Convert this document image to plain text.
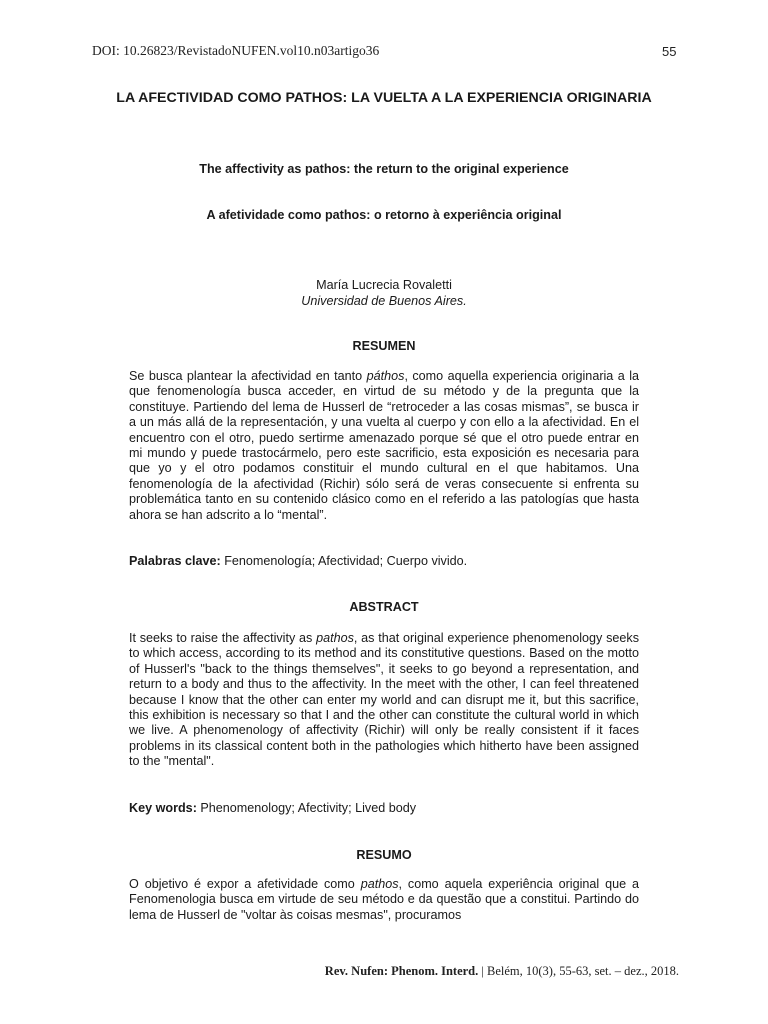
DOI: 10.26823/RevistadoNUFEN.vol10.n03artigo36	55
LA AFECTIVIDAD COMO PATHOS: LA VUELTA A LA EXPERIENCIA ORIGINARIA
The affectivity as pathos: the return to the original experience
A afetividade como pathos: o retorno à experiência original
María Lucrecia Rovaletti
Universidad de Buenos Aires.
RESUMEN

Se busca plantear la afectividad en tanto páthos, como aquella experiencia originaria a la que fenomenología busca acceder, en virtud de su método y de la pregunta que la constituye. Partiendo del lema de Husserl de “retroceder a las cosas mismas”, se busca ir a un más allá de la representación, y una vuelta al cuerpo y con ello a la afectividad. En el encuentro con el otro, puedo sertirme amenazado porque sé que el otro puede entrar en mi mundo y puede trastocármelo, pero este sacrificio, esta exposición es necesaria para que yo y el otro podamos constituir el mundo cultural en el que habitamos. Una fenomenología de la afectividad (Richir) sólo será de veras consecuente si enfrenta su problemática tanto en su contenido clásico como en el referido a las patologías que hasta ahora se han adscrito a lo “mental”.

Palabras clave: Fenomenología; Afectividad; Cuerpo vivido.
ABSTRACT

It seeks to raise the affectivity as pathos, as that original experience phenomenology seeks to which access, according to its method and its constitutive questions. Based on the motto of Husserl's "back to the things themselves", it seeks to go beyond a representation, and return to a body and thus to the affectivity. In the meet with the other, I can feel threatened because I know that the other can enter my world and can disrupt me it, but this sacrifice, this exhibition is necessary so that I and the other can constitute the cultural world in which we live. A phenomenology of affectivity (Richir) will only be really consistent if it faces problems in its classical content both in the pathologies which hitherto have been assigned to the "mental".

Key words: Phenomenology; Afectivity; Lived body
RESUMO

O objetivo é expor a afetividade como pathos, como aquela experiência original que a Fenomenologia busca em virtude de seu método e da questão que a constitui. Partindo do lema de Husserl de "voltar às coisas mesmas", procuramos

Rev. Nufen: Phenom. Interd. | Belém, 10(3), 55-63, set. – dez., 2018.
